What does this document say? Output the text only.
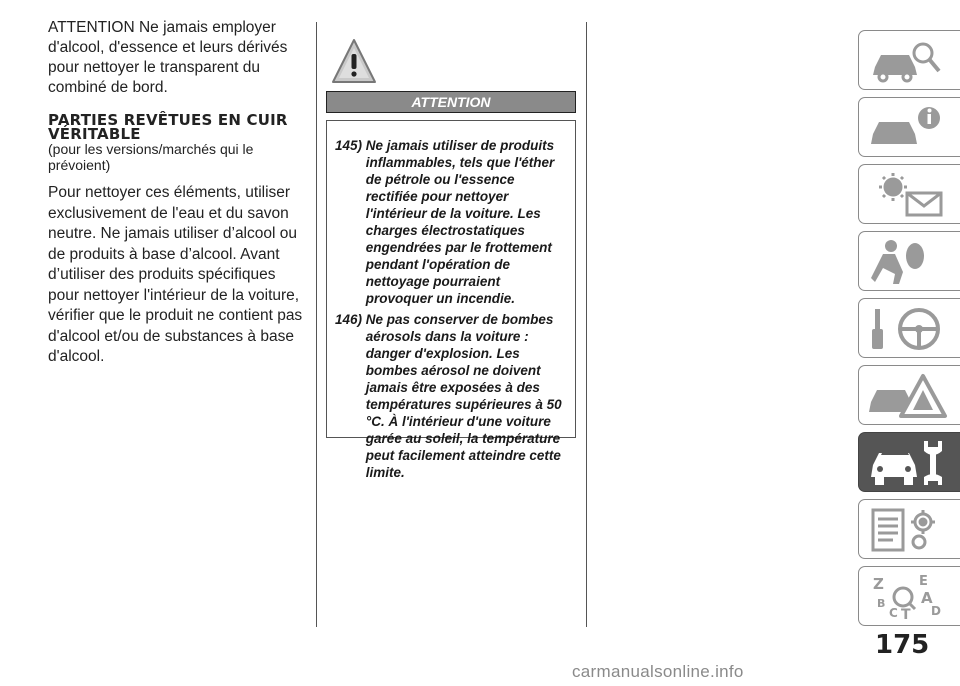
ATTENTION Ne jamais employer d'alcool, d'essence et leurs dérivés pour nettoyer le transparent du combiné de bord.

PARTIES REVÊTUES EN CUIR VÉRITABLE

(pour les versions/marchés qui le prévoient)

Pour nettoyer ces éléments, utiliser exclusivement de l'eau et du savon neutre. Ne jamais utiliser d’alcool ou de produits à base d’alcool. Avant d’utiliser des produits spécifiques pour nettoyer l'intérieur de la voiture, vérifier que le produit ne contient pas d'alcool et/ou de substances à base d'alcool.

ATTENTION
145)
Ne jamais utiliser de produits inflammables, tels que l'éther de pétrole ou l'essence rectifiée pour nettoyer l'intérieur de la voiture. Les charges électrostatiques engendrées par le frottement pendant l'opération de nettoyage pourraient provoquer un incendie.
146)
Ne pas conserver de bombes aérosols dans la voiture : danger d'explosion. Les bombes aérosol ne doivent jamais être exposées à des températures supérieures à 50 °C. À l'intérieur d'une voiture garée au soleil, la température peut facilement atteindre cette limite.
Z	E
B A
C T D
175
carmanualsonline.info
